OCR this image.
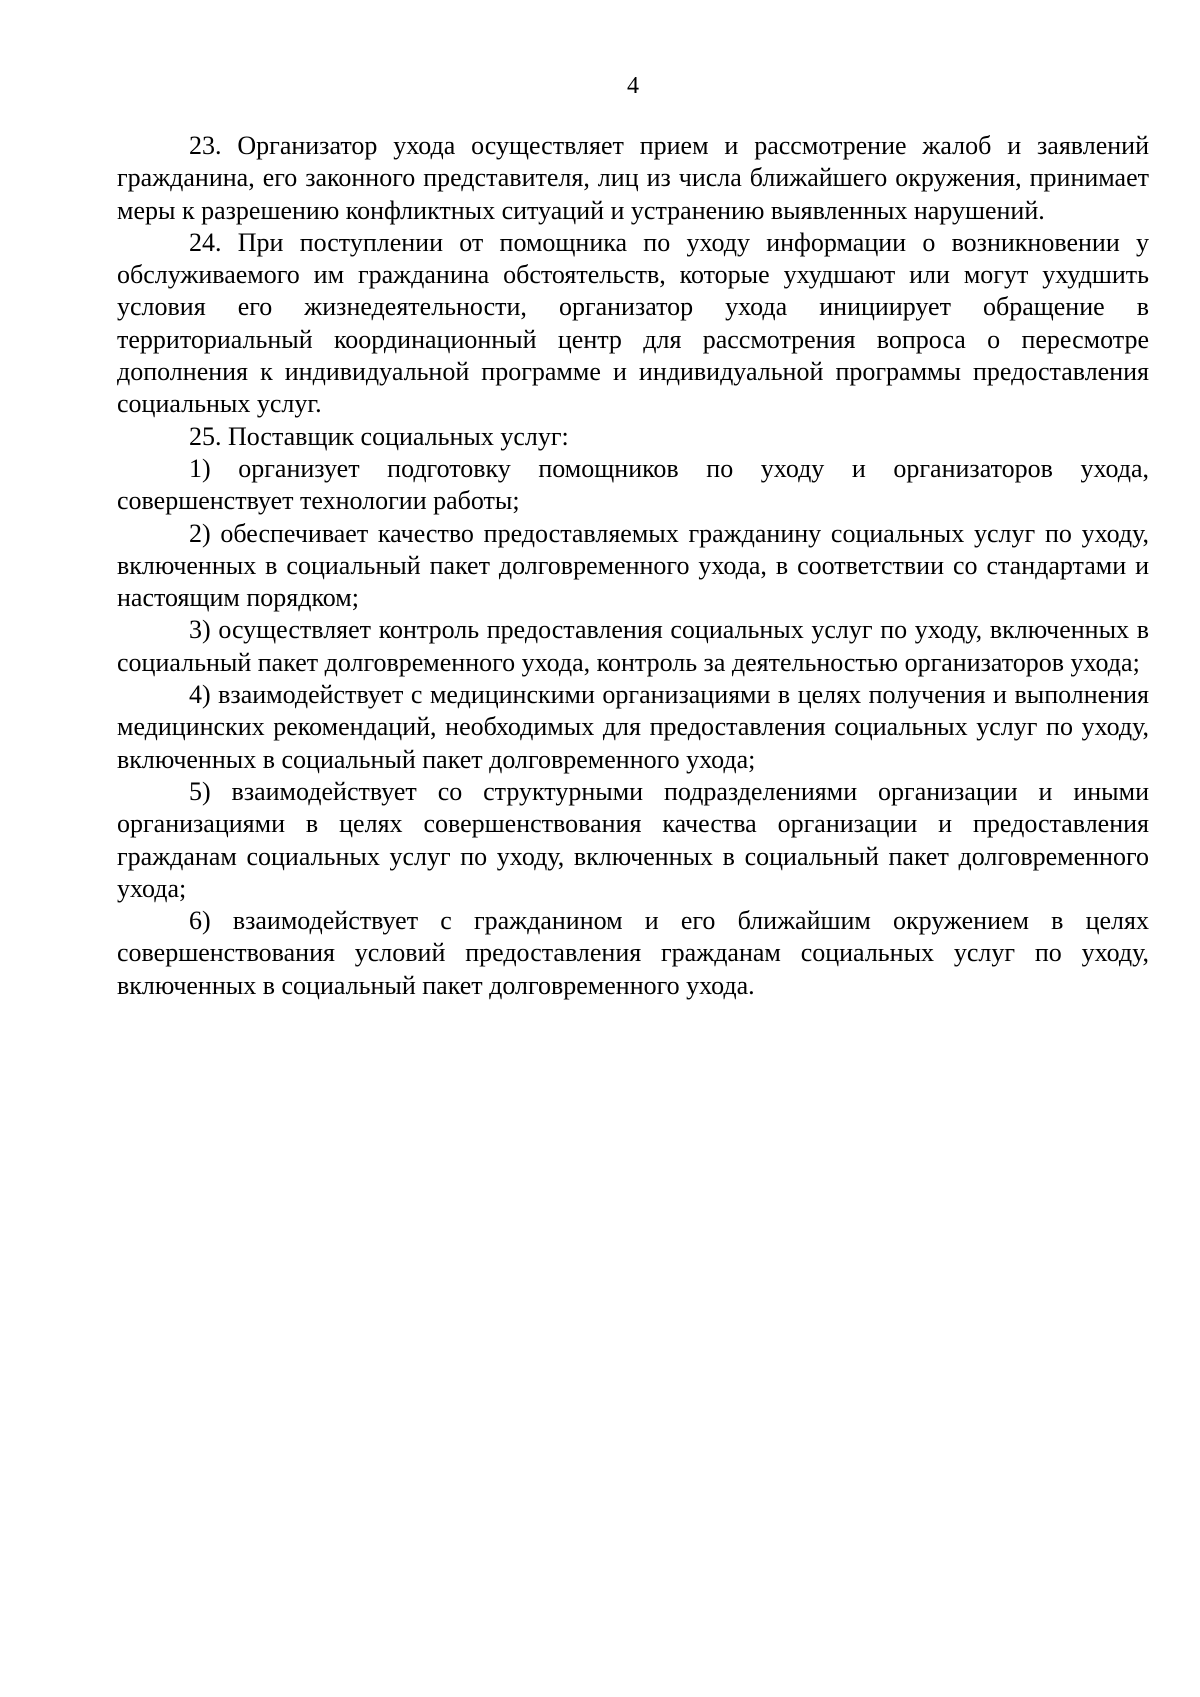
4

23. Организатор ухода осуществляет прием и рассмотрение жалоб и заявлений гражданина, его законного представителя, лиц из числа ближайшего окружения, принимает меры к разрешению конфликтных ситуаций и устранению выявленных нарушений.

24. При поступлении от помощника по уходу информации о возникновении у обслуживаемого им гражданина обстоятельств, которые ухудшают или могут ухудшить условия его жизнедеятельности, организатор ухода инициирует обращение в территориальный координационный центр для рассмотрения вопроса о пересмотре дополнения к индивидуальной программе и индивидуальной программы предоставления социальных услуг.

25. Поставщик социальных услуг:

1) организует подготовку помощников по уходу и организаторов ухода, совершенствует технологии работы;

2) обеспечивает качество предоставляемых гражданину социальных услуг по уходу, включенных в социальный пакет долговременного ухода, в соответствии со стандартами и настоящим порядком;

3) осуществляет контроль предоставления социальных услуг по уходу, включенных в социальный пакет долговременного ухода, контроль за деятельностью организаторов ухода;

4) взаимодействует с медицинскими организациями в целях получения и выполнения медицинских рекомендаций, необходимых для предоставления социальных услуг по уходу, включенных в социальный пакет долговременного ухода;

5) взаимодействует со структурными подразделениями организации и иными организациями в целях совершенствования качества организации и предоставления гражданам социальных услуг по уходу, включенных в социальный пакет долговременного ухода;

6) взаимодействует с гражданином и его ближайшим окружением в целях совершенствования условий предоставления гражданам социальных услуг по уходу, включенных в социальный пакет долговременного ухода.
